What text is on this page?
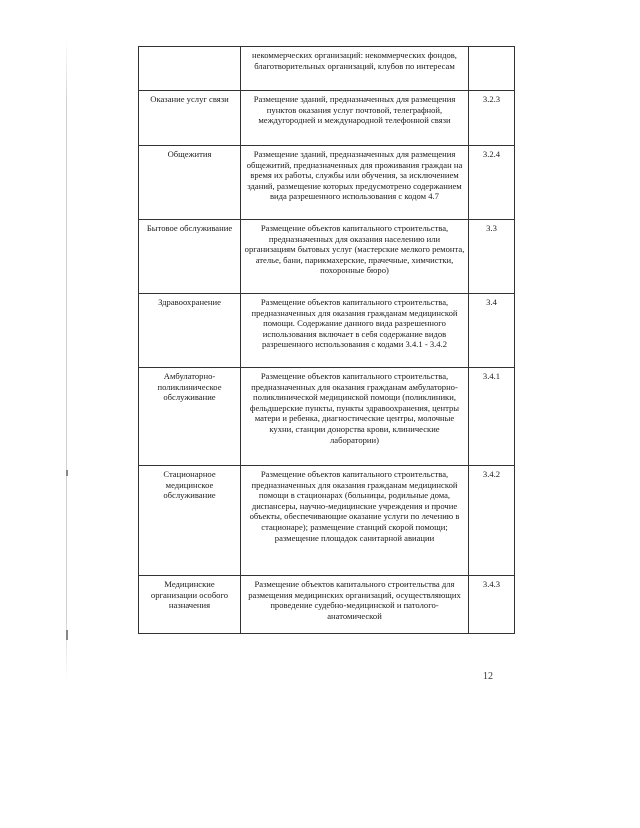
	некоммерческих организаций: некоммерческих фондов, благотворительных организаций, клубов по интересам	
Оказание услуг связи	Размещение зданий, предназначенных для размещения пунктов оказания услуг почтовой, телеграфной, междугородней и международной телефонной связи	3.2.3
Общежития	Размещение зданий, предназначенных для размещения общежитий, предназначенных для проживания граждан на время их работы, службы или обучения, за исключением зданий, размещение которых предусмотрено содержанием вида разрешенного использования с кодом 4.7	3.2.4
Бытовое обслуживание	Размещение объектов капитального строительства, предназначенных для оказания населению или организациям бытовых услуг (мастерские мелкого ремонта, ателье, бани, парикмахерские, прачечные, химчистки, похоронные бюро)	3.3
Здравоохранение	Размещение объектов капитального строительства, предназначенных для оказания гражданам медицинской помощи. Содержание данного вида разрешенного использования включает в себя содержание видов разрешенного использования с кодами 3.4.1 - 3.4.2	3.4
Амбулаторно-поликлиническое обслуживание	Размещение объектов капитального строительства, предназначенных для оказания гражданам амбулаторно-поликлинической медицинской помощи (поликлиники, фельдшерские пункты, пункты здравоохранения, центры матери и ребенка, диагностические центры, молочные кухни, станции донорства крови, клинические лаборатории)	3.4.1
Стационарное медицинское обслуживание	Размещение объектов капитального строительства, предназначенных для оказания гражданам медицинской помощи в стационарах (больницы, родильные дома, диспансеры, научно-медицинские учреждения и прочие объекты, обеспечивающие оказание услуги по лечению в стационаре); размещение станций скорой помощи; размещение площадок санитарной авиации	3.4.2
Медицинские организации особого назначения	Размещение объектов капитального строительства для размещения медицинских организаций, осуществляющих проведение судебно-медицинской и патолого-анатомической	3.4.3
12
